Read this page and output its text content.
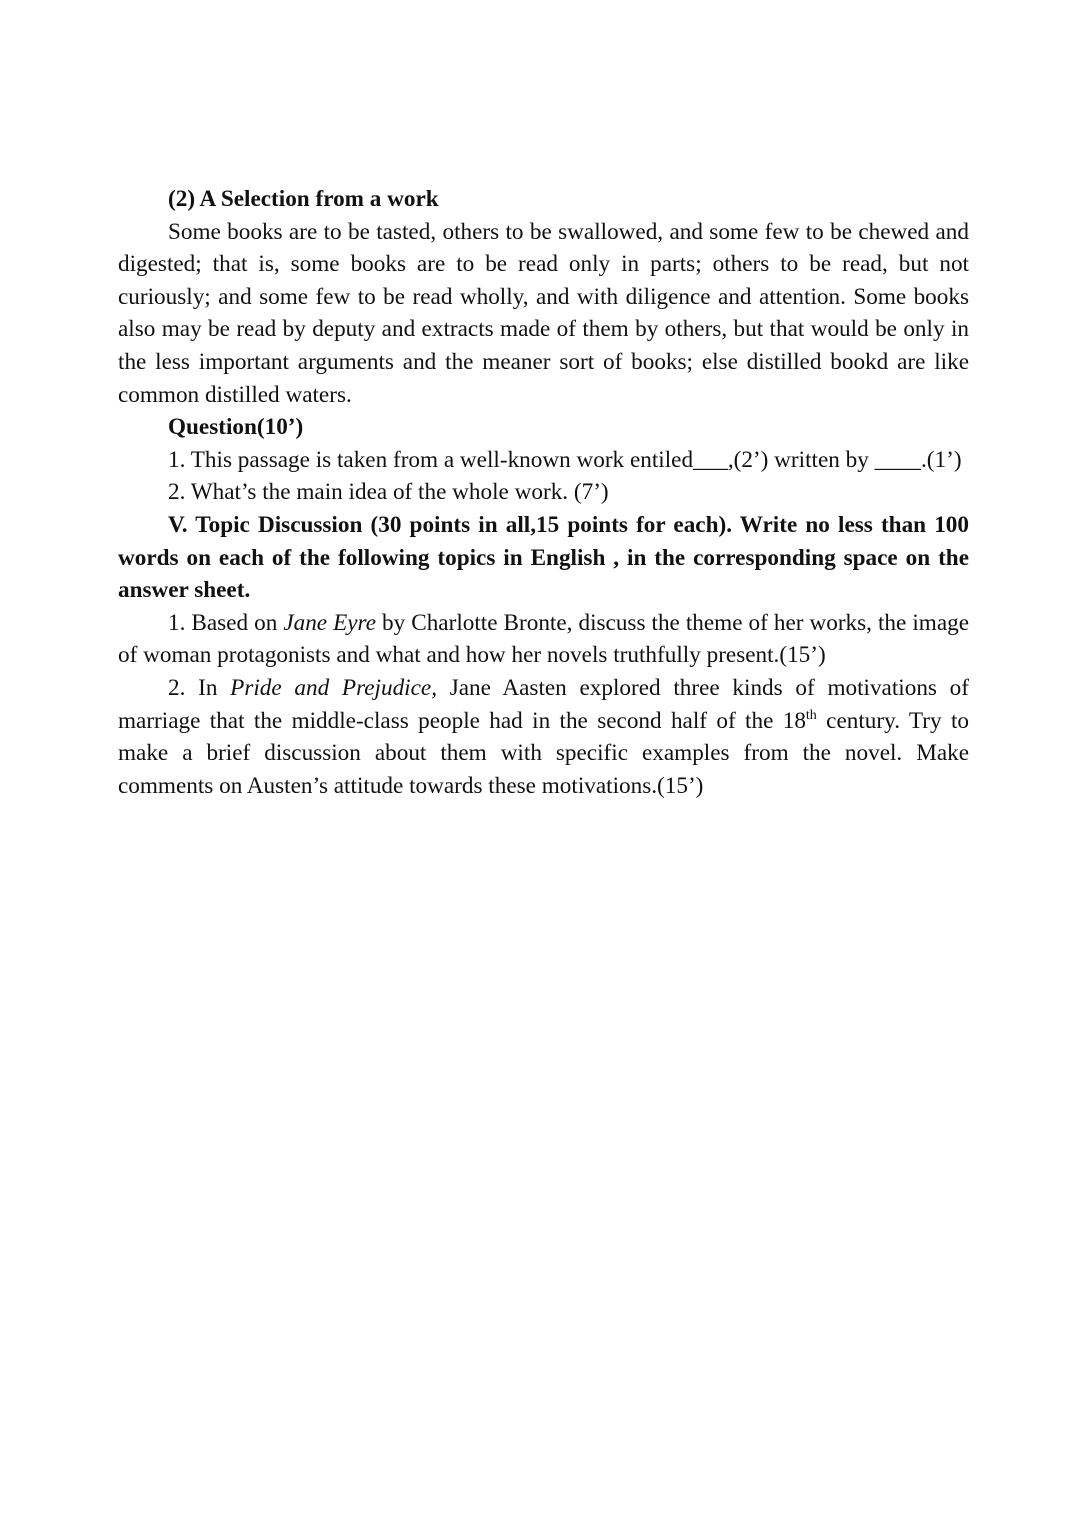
(2) A Selection from a work

Some books are to be tasted, others to be swallowed, and some few to be chewed and digested; that is, some books are to be read only in parts; others to be read, but not curiously; and some few to be read wholly, and with diligence and attention. Some books also may be read by deputy and extracts made of them by others, but that would be only in the less important arguments and the meaner sort of books; else distilled bookd are like common distilled waters.

Question(10’)

1. This passage is taken from a well-known work entiled___,(2’) written by ____.(1’)

2. What’s the main idea of the whole work. (7’)

V. Topic Discussion (30 points in all,15 points for each). Write no less than 100 words on each of the following topics in English , in the corresponding space on the answer sheet.

1. Based on Jane Eyre by Charlotte Bronte, discuss the theme of her works, the image of woman protagonists and what and how her novels truthfully present.(15’)

2. In Pride and Prejudice, Jane Aasten explored three kinds of motivations of marriage that the middle-class people had in the second half of the 18th century. Try to make a brief discussion about them with specific examples from the novel. Make comments on Austen’s attitude towards these motivations.(15’)
